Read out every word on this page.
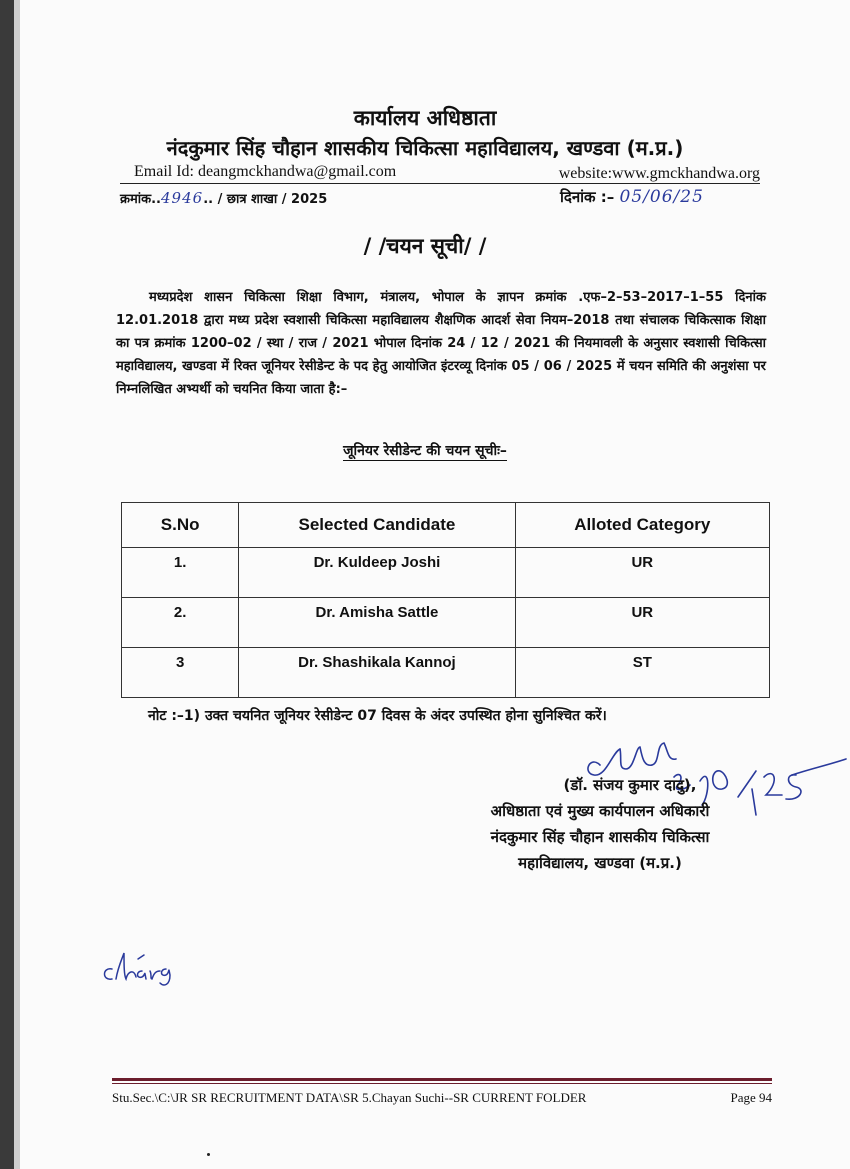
कार्यालय अधिष्ठाता
नंदकुमार सिंह चौहान शासकीय चिकित्सा महाविद्यालय, खण्डवा (म.प्र.)
Email Id: deangmckhandwa@gmail.com	website:www.gmckhandwa.org
क्रमांक..4946.. / छात्र शाखा / 2025	दिनांक :– 05/06/25
/ /चयन सूची/ /

मध्यप्रदेश शासन चिकित्सा शिक्षा विभाग, मंत्रालय, भोपाल के ज्ञापन क्रमांक .एफ–2–53–2017–1–55 दिनांक 12.01.2018 द्वारा मध्य प्रदेश स्वशासी चिकित्सा महाविद्यालय शैक्षणिक आदर्श सेवा नियम–2018 तथा संचालक चिकित्साक शिक्षा का पत्र क्रमांक 1200–02 / स्था / राज / 2021 भोपाल दिनांक 24 / 12 / 2021 की नियमावली के अनुसार स्वशासी चिकित्सा महाविद्यालय, खण्डवा में रिक्त जूनियर रेसीडेन्ट के पद हेतु आयोजित इंटरव्यू दिनांक 05 / 06 / 2025 में चयन समिति की अनुशंसा पर निम्नलिखित अभ्यर्थी को चयनित किया जाता है:–

जूनियर रेसीडेन्ट की चयन सूचीः–
S.No	Selected Candidate	Alloted Category
1.	Dr. Kuldeep Joshi	UR
2.	Dr. Amisha Sattle	UR
3	Dr. Shashikala Kannoj	ST
नोट :–1) उक्त चयनित जूनियर रेसीडेन्ट 07 दिवस के अंदर उपस्थित होना सुनिश्चित करें।
(डॉ. संजय कुमार दादु),
अधिष्ठाता एवं मुख्य कार्यपालन अधिकारी
नंदकुमार सिंह चौहान शासकीय चिकित्सा
महाविद्यालय, खण्डवा (म.प्र.)
Stu.Sec.\C:\JR SR RECRUITMENT DATA\SR 5.Chayan Suchi--SR CURRENT FOLDER	Page 94
